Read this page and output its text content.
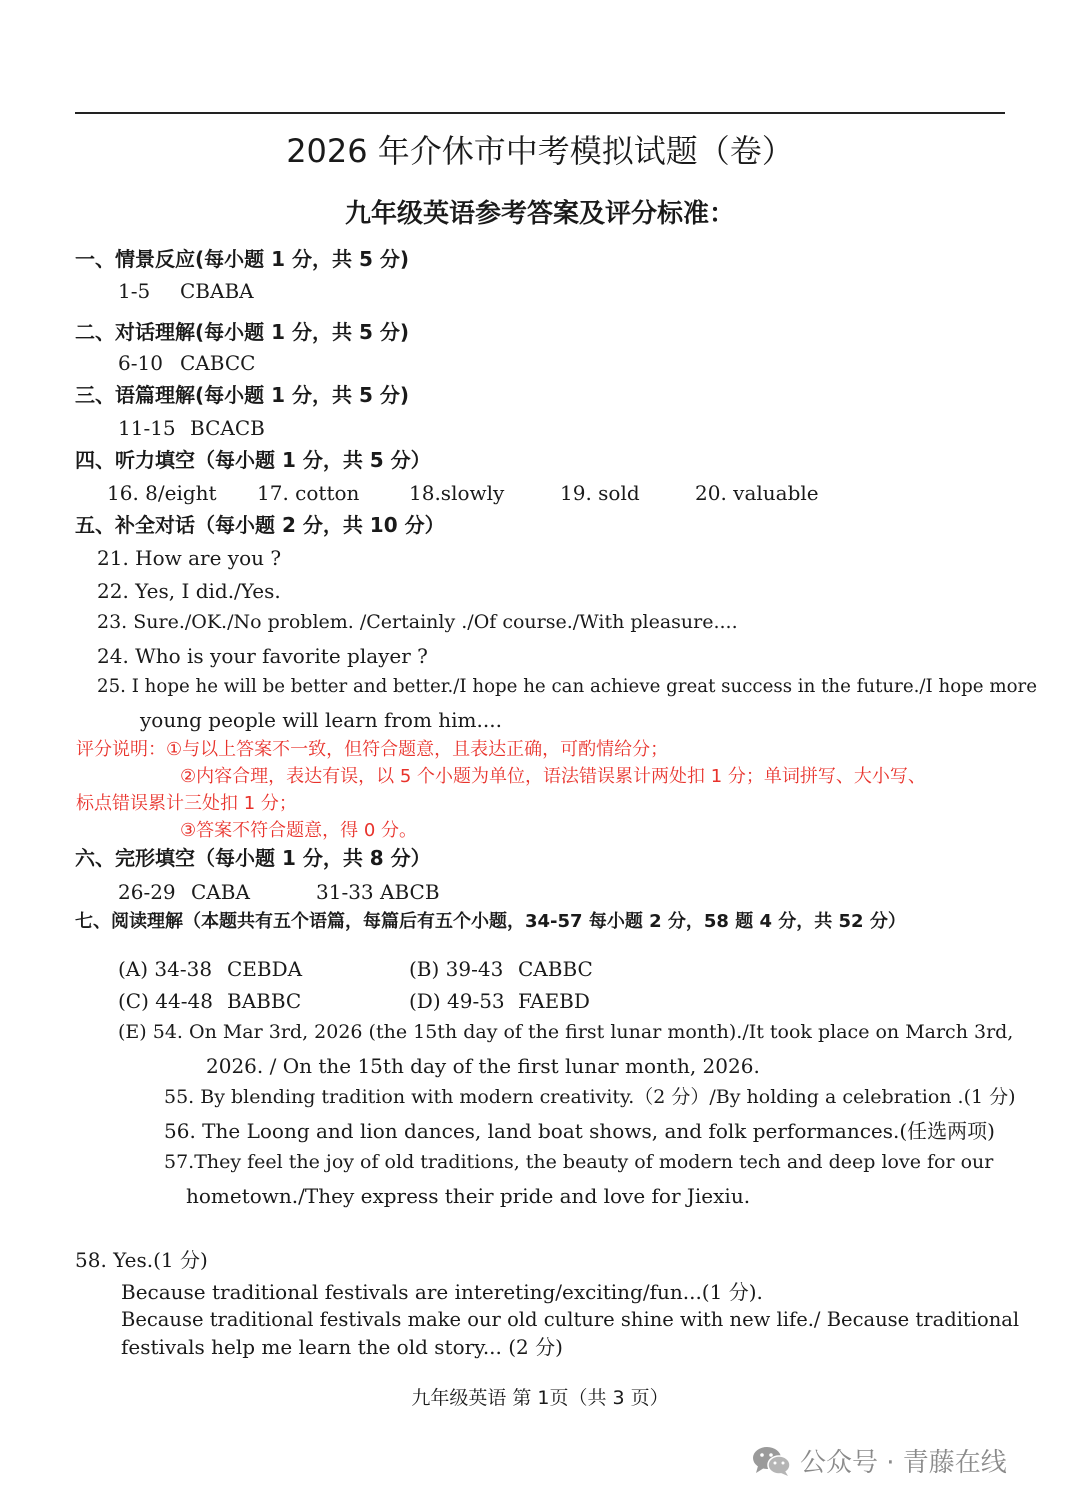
2026 年介休市中考模拟试题（卷）
九年级英语参考答案及评分标准：
一、情景反应(每小题 1 分，共 5 分)
1-5 CBABA
二、对话理解(每小题 1 分，共 5 分)
6-10 CABCC
三、语篇理解(每小题 1 分，共 5 分)
11-15 BCACB
四、听力填空（每小题 1 分，共 5 分）
16. 8/eight 17. cotton 18.slowly	19. sold	20. valuable
五、补全对话（每小题 2 分，共 10 分）
21. How are you ?
22. Yes, I did./Yes.
23. Sure./OK./No problem. /Certainly ./Of course./With pleasure....
24. Who is your favorite player ?
25. I hope he will be better and better./I hope he can achieve great success in the future./I hope more
young people will learn from him....
评分说明：①与以上答案不一致，但符合题意，且表达正确，可酌情给分；
②内容合理，表达有误，以 5 个小题为单位，语法错误累计两处扣 1 分；单词拼写、大小写、
标点错误累计三处扣 1 分；
③答案不符合题意，得 0 分。
六、完形填空（每小题 1 分，共 8 分）
26-29 CABA	31-33 ABCB
七、阅读理解（本题共有五个语篇，每篇后有五个小题，34-57 每小题 2 分，58 题 4 分，共 52 分）
(A) 34-38 CEBDA	(B) 39-43 CABBC
(C) 44-48 BABBC	(D) 49-53 FAEBD
(E) 54. On Mar 3rd, 2026 (the 15th day of the first lunar month)./It took place on March 3rd,
2026. / On the 15th day of the first lunar month, 2026.
55. By blending tradition with modern creativity.（2 分）/By holding a celebration .(1 分)
56. The Loong and lion dances, land boat shows, and folk performances.(任选两项)
57.They feel the joy of old traditions, the beauty of modern tech and deep love for our
hometown./They express their pride and love for Jiexiu.
58. Yes.(1 分)
Because traditional festivals are intereting/exciting/fun...(1 分).
Because traditional festivals make our old culture shine with new life./ Because traditional
festivals help me learn the old story... (2 分)
九年级英语 第 1页（共 3 页）
公众号 · 青藤在线
